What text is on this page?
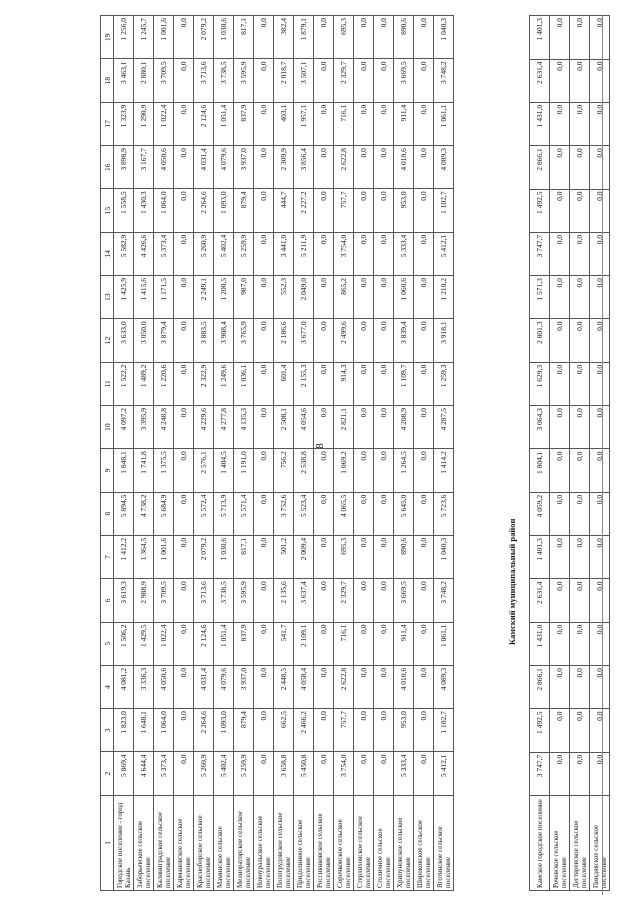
8
1	2	3	4	5	6	7	8	9	10	11	12	13	14	15	16	17	18	19
Городское поселение - город Казань	5 869,4	1 823,0	4 081,2	1 506,2	3 619,3	1 412,2	5 894,5	1 848,1	4 097,2	1 522,2	3 633,0	1 425,9	5 582,9	1 558,5	3 898,9	1 323,9	3 463,1	1 256,0
Заборьевское сельское поселение	4 644,4	1 648,1	3 336,3	1 429,5	2 988,9	1 364,5	4 738,2	1 741,8	3 395,9	1 489,2	3 050,0	1 415,6	4 426,6	1 430,3	3 167,7	1 290,9	2 880,1	1 245,7
Калиниградское сельское поселение	5 373,4	1 064,0	4 050,6	1 022,4	3 709,5	1 001,6	5 684,9	1 375,5	4 248,8	1 220,6	3 879,4	1 171,5	5 373,4	1 064,0	4 050,6	1 022,4	3 709,5	1 001,6
Кармановское сельское поселение	0,0	0,0	0,0	0,0	0,0	0,0	0,0	0,0	0,0	0,0	0,0	0,0	0,0	0,0	0,0	0,0	0,0	0,0
Красноборское сельское поселение	5 260,9	2 264,6	4 031,4	2 124,6	3 713,6	2 079,2	5 572,4	2 576,1	4 229,6	2 322,9	3 883,5	2 249,1	5 260,9	2 264,6	4 031,4	2 124,6	3 713,6	2 079,2
Маминское сельское поселение	5 402,4	1 093,0	4 079,6	1 051,4	3 738,5	1 030,6	5 713,9	1 404,5	4 277,8	1 249,6	3 908,4	1 200,5	5 402,4	1 093,0	4 079,6	1 051,4	3 738,5	1 030,6
Мелиораторское сельское поселение	5 259,9	879,4	3 937,0	837,9	3 595,9	817,1	5 571,4	1 191,0	4 135,3	1 036,1	3 765,9	987,0	5 259,9	879,4	3 937,0	837,9	3 595,9	817,1
Новоуральское сельское поселение	0,0	0,0	0,0	0,0	0,0	0,0	0,0	0,0	0,0	0,0	0,0	0,0	0,0	0,0	0,0	0,0	0,0	0,0
Пологрудовское сельское поселение	3 658,8	662,5	2 448,5	541,7	2 135,6	501,2	3 752,6	756,2	2 508,1	601,4	2 186,6	552,3	3 441,0	444,7	2 309,9	403,1	2 018,7	382,4
Придолинное сельское поселение	5 450,8	2 466,2	4 058,4	2 109,1	3 637,4	2 009,4	5 523,4	2 538,8	4 054,6	2 155,3	3 677,0	2 049,0	5 211,9	2 227,2	3 856,4	1 957,1	3 507,1	1 879,1
Россиянковское сельское поселение	0,0	0,0	0,0	0,0	0,0	0,0	0,0	0,0	0,0	0,0	0,0	0,0	0,0	0,0	0,0	0,0	0,0	0,0
Сорочковское сельское поселение	3 754,0	757,7	2 622,8	716,1	2 329,7	695,3	4 065,5	1 069,2	2 821,1	914,3	2 499,6	865,2	3 754,0	757,7	2 622,8	716,1	2 329,7	695,3
Стерлиховское сельское поселение	0,0	0,0	0,0	0,0	0,0	0,0	0,0	0,0	0,0	0,0	0,0	0,0	0,0	0,0	0,0	0,0	0,0	0,0
Столичное сельское поселение	0,0	0,0	0,0	0,0	0,0	0,0	0,0	0,0	0,0	0,0	0,0	0,0	0,0	0,0	0,0	0,0	0,0	0,0
Хрипуновское сельское поселение	5 333,4	953,0	4 010,6	911,4	3 669,5	890,6	5 645,0	1 264,5	4 208,9	1 109,7	3 839,4	1 060,6	5 333,4	953,0	4 010,6	911,4	3 669,5	890,6
Широковское сельское поселение	0,0	0,0	0,0	0,0	0,0	0,0	0,0	0,0	0,0	0,0	0,0	0,0	0,0	0,0	0,0	0,0	0,0	0,0
Яготинское сельское поселение	5 412,1	1 102,7	4 089,3	1 061,1	3 748,2	1 040,3	5 723,6	1 414,2	4 287,5	1 259,3	3 918,1	1 210,2	5 412,1	1 102,7	4 089,3	1 061,1	3 748,2	1 040,3
Камский муниципальный район
Камское городское поселение	3 747,7	1 492,5	2 866,1	1 431,0	2 631,4	1 401,3	4 059,2	1 804,1	3 064,3	1 629,3	2 801,3	1 571,3	3 747,7	1 492,5	2 866,1	1 431,0	2 631,4	1 401,3
Рочевское сельское поселение	0,0	0,0	0,0	0,0	0,0	0,0	0,0	0,0	0,0	0,0	0,0	0,0	0,0	0,0	0,0	0,0	0,0	0,0
Дегтяревское сельское поселение	0,0	0,0	0,0	0,0	0,0	0,0	0,0	0,0	0,0	0,0	0,0	0,0	0,0	0,0	0,0	0,0	0,0	0,0
Пиндявское сельское поселение	0,0	0,0	0,0	0,0	0,0	0,0	0,0	0,0	0,0	0,0	0,0	0,0	0,0	0,0	0,0	0,0	0,0	0,0
